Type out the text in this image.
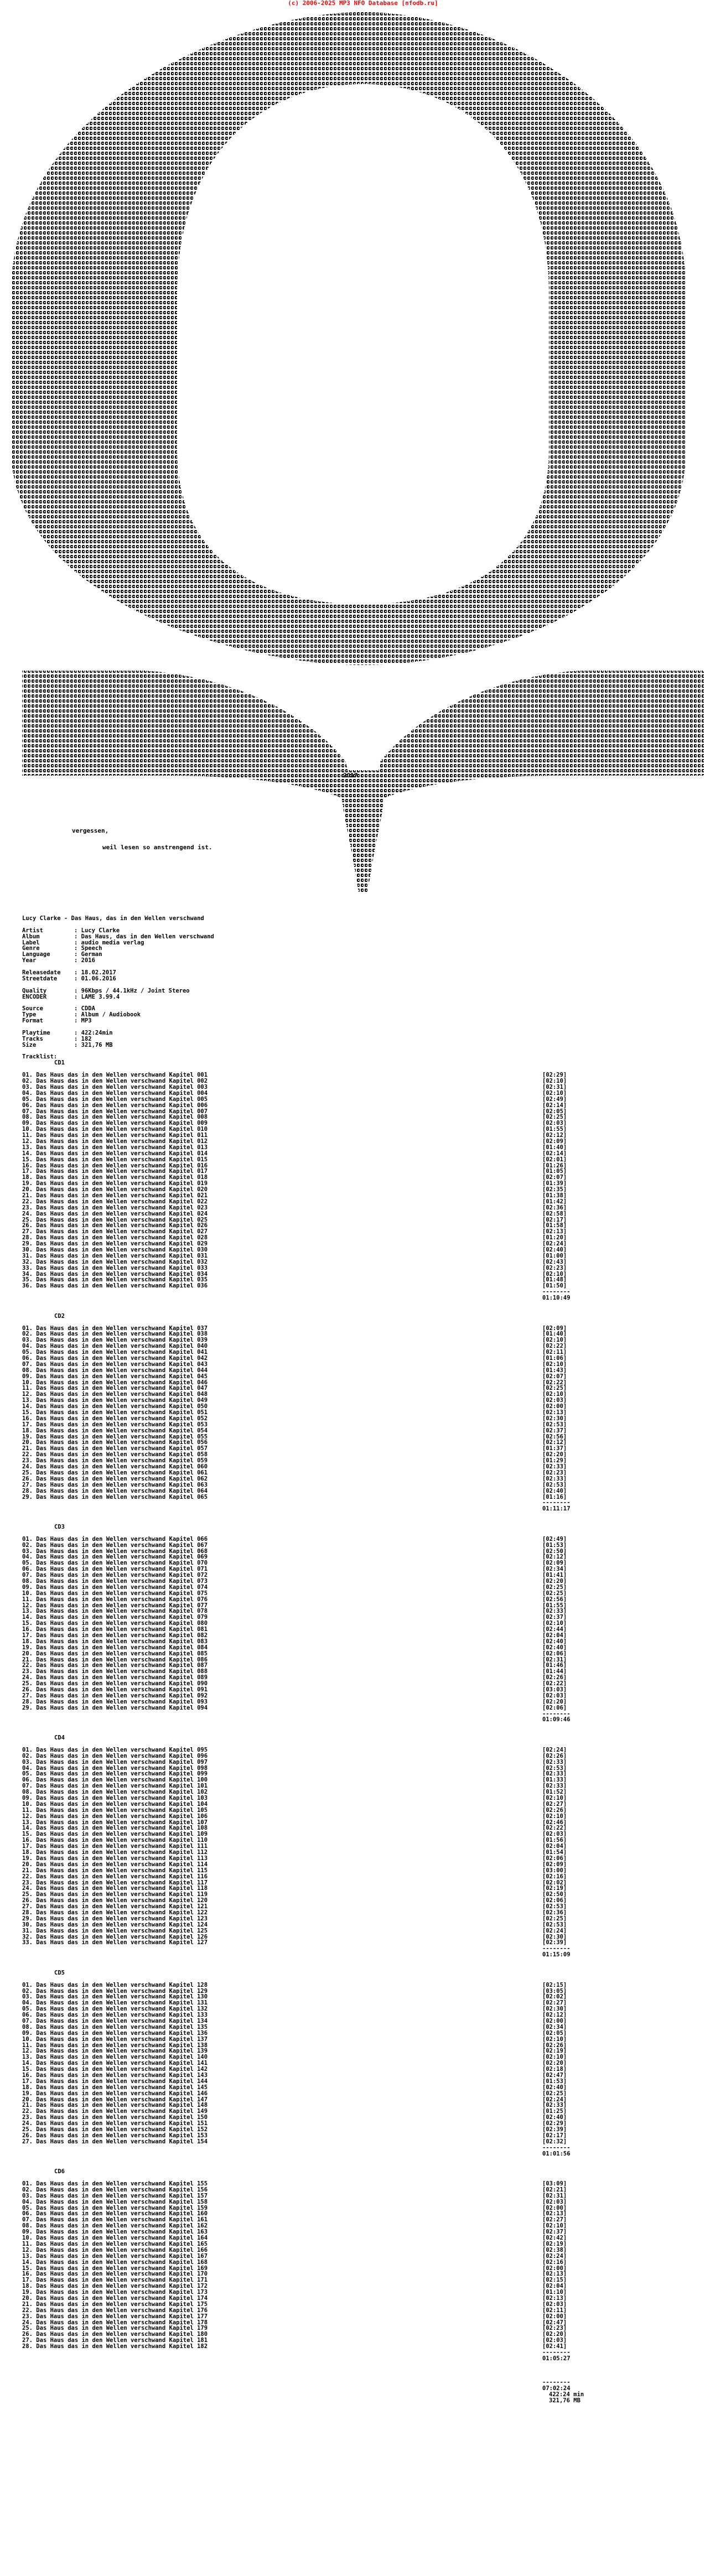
(c) 2006-2025 MP3 NFO Database [nfodb.ru]
2017
vergessen,
weil lesen so anstrengend ist.
Lucy Clarke - Das Haus, das in den Wellen verschwand
Artist	: Lucy Clarke
Album	: Das Haus, das in den Wellen verschwand
Label	: audio media verlag
Genre	: Speech
Language	: German
Year	: 2016
Releasedate : 18.02.2017
Streetdate	: 01.06.2016
Quality	: 96Kbps / 44.1kHz / Joint Stereo
ENCODER	: LAME 3.99.4
Source	: CDDA
Type	: Album / Audiobook
Format	: MP3
Playtime	: 422:24min
Tracks	: 182
Size	: 321,76 MB
Tracklist:
CD1
01. Das Haus das in den Wellen verschwand Kapitel 001	[02:29]
02. Das Haus das in den Wellen verschwand Kapitel 002	[02:10]
03. Das Haus das in den Wellen verschwand Kapitel 003	[02:31]
04. Das Haus das in den Wellen verschwand Kapitel 004	[02:10]
05. Das Haus das in den Wellen verschwand Kapitel 005	[02:49]
06. Das Haus das in den Wellen verschwand Kapitel 006	[02:14]
07. Das Haus das in den Wellen verschwand Kapitel 007	[02:05]
08. Das Haus das in den Wellen verschwand Kapitel 008	[02:25]
09. Das Haus das in den Wellen verschwand Kapitel 009	[02:03]
10. Das Haus das in den Wellen verschwand Kapitel 010	[01:55]
11. Das Haus das in den Wellen verschwand Kapitel 011	[02:12]
12. Das Haus das in den Wellen verschwand Kapitel 012	[02:09]
13. Das Haus das in den Wellen verschwand Kapitel 013	[01:40]
14. Das Haus das in den Wellen verschwand Kapitel 014	[02:14]
15. Das Haus das in den Wellen verschwand Kapitel 015	[02:01]
16. Das Haus das in den Wellen verschwand Kapitel 016	[01:26]
17. Das Haus das in den Wellen verschwand Kapitel 017	[01:05]
18. Das Haus das in den Wellen verschwand Kapitel 018	[02:07]
19. Das Haus das in den Wellen verschwand Kapitel 019	[01:39]
20. Das Haus das in den Wellen verschwand Kapitel 020	[02:35]
21. Das Haus das in den Wellen verschwand Kapitel 021	[01:38]
22. Das Haus das in den Wellen verschwand Kapitel 022	[01:42]
23. Das Haus das in den Wellen verschwand Kapitel 023	[02:36]
24. Das Haus das in den Wellen verschwand Kapitel 024	[02:58]
25. Das Haus das in den Wellen verschwand Kapitel 025	[02:17]
26. Das Haus das in den Wellen verschwand Kapitel 026	[01:58]
27. Das Haus das in den Wellen verschwand Kapitel 027	[02:13]
28. Das Haus das in den Wellen verschwand Kapitel 028	[01:20]
29. Das Haus das in den Wellen verschwand Kapitel 029	[02:24]
30. Das Haus das in den Wellen verschwand Kapitel 030	[02:40]
31. Das Haus das in den Wellen verschwand Kapitel 031	[01:00]
32. Das Haus das in den Wellen verschwand Kapitel 032	[02:43]
33. Das Haus das in den Wellen verschwand Kapitel 033	[02:23]
34. Das Haus das in den Wellen verschwand Kapitel 034	[02:10]
35. Das Haus das in den Wellen verschwand Kapitel 035	[01:48]
36. Das Haus das in den Wellen verschwand Kapitel 036	[01:50]
--------
01:10:49
CD2
01. Das Haus das in den Wellen verschwand Kapitel 037	[02:09]
02. Das Haus das in den Wellen verschwand Kapitel 038	[01:40]
03. Das Haus das in den Wellen verschwand Kapitel 039	[02:10]
04. Das Haus das in den Wellen verschwand Kapitel 040	[02:22]
05. Das Haus das in den Wellen verschwand Kapitel 041	[02:11]
06. Das Haus das in den Wellen verschwand Kapitel 042	[01:06]
07. Das Haus das in den Wellen verschwand Kapitel 043	[02:10]
08. Das Haus das in den Wellen verschwand Kapitel 044	[01:43]
09. Das Haus das in den Wellen verschwand Kapitel 045	[02:07]
10. Das Haus das in den Wellen verschwand Kapitel 046	[02:22]
11. Das Haus das in den Wellen verschwand Kapitel 047	[02:25]
12. Das Haus das in den Wellen verschwand Kapitel 048	[02:10]
13. Das Haus das in den Wellen verschwand Kapitel 049	[02:03]
14. Das Haus das in den Wellen verschwand Kapitel 050	[02:00]
15. Das Haus das in den Wellen verschwand Kapitel 051	[02:13]
16. Das Haus das in den Wellen verschwand Kapitel 052	[02:30]
17. Das Haus das in den Wellen verschwand Kapitel 053	[02:53]
18. Das Haus das in den Wellen verschwand Kapitel 054	[02:37]
19. Das Haus das in den Wellen verschwand Kapitel 055	[02:56]
20. Das Haus das in den Wellen verschwand Kapitel 056	[02:12]
21. Das Haus das in den Wellen verschwand Kapitel 057	[01:37]
22. Das Haus das in den Wellen verschwand Kapitel 058	[02:20]
23. Das Haus das in den Wellen verschwand Kapitel 059	[01:29]
24. Das Haus das in den Wellen verschwand Kapitel 060	[02:33]
25. Das Haus das in den Wellen verschwand Kapitel 061	[02:23]
26. Das Haus das in den Wellen verschwand Kapitel 062	[02:33]
27. Das Haus das in den Wellen verschwand Kapitel 063	[02:53]
28. Das Haus das in den Wellen verschwand Kapitel 064	[02:40]
29. Das Haus das in den Wellen verschwand Kapitel 065	[01:16]
--------
01:11:17
CD3
01. Das Haus das in den Wellen verschwand Kapitel 066	[02:49]
02. Das Haus das in den Wellen verschwand Kapitel 067	[01:53]
03. Das Haus das in den Wellen verschwand Kapitel 068	[02:50]
04. Das Haus das in den Wellen verschwand Kapitel 069	[02:12]
05. Das Haus das in den Wellen verschwand Kapitel 070	[02:09]
06. Das Haus das in den Wellen verschwand Kapitel 071	[02:34]
07. Das Haus das in den Wellen verschwand Kapitel 072	[01:41]
08. Das Haus das in den Wellen verschwand Kapitel 073	[02:20]
09. Das Haus das in den Wellen verschwand Kapitel 074	[02:25]
10. Das Haus das in den Wellen verschwand Kapitel 075	[02:25]
11. Das Haus das in den Wellen verschwand Kapitel 076	[02:56]
12. Das Haus das in den Wellen verschwand Kapitel 077	[01:55]
13. Das Haus das in den Wellen verschwand Kapitel 078	[02:33]
14. Das Haus das in den Wellen verschwand Kapitel 079	[02:37]
15. Das Haus das in den Wellen verschwand Kapitel 080	[02:10]
16. Das Haus das in den Wellen verschwand Kapitel 081	[02:44]
17. Das Haus das in den Wellen verschwand Kapitel 082	[02:04]
18. Das Haus das in den Wellen verschwand Kapitel 083	[02:40]
19. Das Haus das in den Wellen verschwand Kapitel 084	[02:40]
20. Das Haus das in den Wellen verschwand Kapitel 085	[02:06]
21. Das Haus das in den Wellen verschwand Kapitel 086	[02:31]
22. Das Haus das in den Wellen verschwand Kapitel 087	[01:46]
23. Das Haus das in den Wellen verschwand Kapitel 088	[01:44]
24. Das Haus das in den Wellen verschwand Kapitel 089	[02:26]
25. Das Haus das in den Wellen verschwand Kapitel 090	[02:22]
26. Das Haus das in den Wellen verschwand Kapitel 091	[03:03]
27. Das Haus das in den Wellen verschwand Kapitel 092	[02:03]
28. Das Haus das in den Wellen verschwand Kapitel 093	[02:20]
29. Das Haus das in den Wellen verschwand Kapitel 094	[02:06]
--------
01:09:46
CD4
01. Das Haus das in den Wellen verschwand Kapitel 095	[02:24]
02. Das Haus das in den Wellen verschwand Kapitel 096	[02:26]
03. Das Haus das in den Wellen verschwand Kapitel 097	[02:33]
04. Das Haus das in den Wellen verschwand Kapitel 098	[02:53]
05. Das Haus das in den Wellen verschwand Kapitel 099	[02:33]
06. Das Haus das in den Wellen verschwand Kapitel 100	[01:33]
07. Das Haus das in den Wellen verschwand Kapitel 101	[02:33]
08. Das Haus das in den Wellen verschwand Kapitel 102	[01:52]
09. Das Haus das in den Wellen verschwand Kapitel 103	[02:10]
10. Das Haus das in den Wellen verschwand Kapitel 104	[02:27]
11. Das Haus das in den Wellen verschwand Kapitel 105	[02:26]
12. Das Haus das in den Wellen verschwand Kapitel 106	[02:10]
13. Das Haus das in den Wellen verschwand Kapitel 107	[02:46]
14. Das Haus das in den Wellen verschwand Kapitel 108	[02:22]
15. Das Haus das in den Wellen verschwand Kapitel 109	[02:03]
16. Das Haus das in den Wellen verschwand Kapitel 110	[01:56]
17. Das Haus das in den Wellen verschwand Kapitel 111	[02:04]
18. Das Haus das in den Wellen verschwand Kapitel 112	[01:54]
19. Das Haus das in den Wellen verschwand Kapitel 113	[02:06]
20. Das Haus das in den Wellen verschwand Kapitel 114	[02:09]
21. Das Haus das in den Wellen verschwand Kapitel 115	[03:00]
22. Das Haus das in den Wellen verschwand Kapitel 116	[02:16]
23. Das Haus das in den Wellen verschwand Kapitel 117	[02:02]
24. Das Haus das in den Wellen verschwand Kapitel 118	[02:19]
25. Das Haus das in den Wellen verschwand Kapitel 119	[02:50]
26. Das Haus das in den Wellen verschwand Kapitel 120	[02:06]
27. Das Haus das in den Wellen verschwand Kapitel 121	[02:53]
28. Das Haus das in den Wellen verschwand Kapitel 122	[02:36]
29. Das Haus das in den Wellen verschwand Kapitel 123	[02:25]
30. Das Haus das in den Wellen verschwand Kapitel 124	[02:53]
31. Das Haus das in den Wellen verschwand Kapitel 125	[02:24]
32. Das Haus das in den Wellen verschwand Kapitel 126	[02:30]
33. Das Haus das in den Wellen verschwand Kapitel 127	[02:39]
--------
01:15:09
CD5
01. Das Haus das in den Wellen verschwand Kapitel 128	[02:15]
02. Das Haus das in den Wellen verschwand Kapitel 129	[03:05]
03. Das Haus das in den Wellen verschwand Kapitel 130	[02:02]
04. Das Haus das in den Wellen verschwand Kapitel 131	[02:27]
05. Das Haus das in den Wellen verschwand Kapitel 132	[02:30]
06. Das Haus das in den Wellen verschwand Kapitel 133	[02:12]
07. Das Haus das in den Wellen verschwand Kapitel 134	[02:00]
08. Das Haus das in den Wellen verschwand Kapitel 135	[02:34]
09. Das Haus das in den Wellen verschwand Kapitel 136	[02:05]
10. Das Haus das in den Wellen verschwand Kapitel 137	[02:10]
11. Das Haus das in den Wellen verschwand Kapitel 138	[02:26]
12. Das Haus das in den Wellen verschwand Kapitel 139	[02:19]
13. Das Haus das in den Wellen verschwand Kapitel 140	[02:10]
14. Das Haus das in den Wellen verschwand Kapitel 141	[02:20]
15. Das Haus das in den Wellen verschwand Kapitel 142	[02:18]
16. Das Haus das in den Wellen verschwand Kapitel 143	[02:47]
17. Das Haus das in den Wellen verschwand Kapitel 144	[01:53]
18. Das Haus das in den Wellen verschwand Kapitel 145	[02:40]
19. Das Haus das in den Wellen verschwand Kapitel 146	[02:25]
20. Das Haus das in den Wellen verschwand Kapitel 147	[02:24]
21. Das Haus das in den Wellen verschwand Kapitel 148	[02:33]
22. Das Haus das in den Wellen verschwand Kapitel 149	[01:25]
23. Das Haus das in den Wellen verschwand Kapitel 150	[02:40]
24. Das Haus das in den Wellen verschwand Kapitel 151	[02:29]
25. Das Haus das in den Wellen verschwand Kapitel 152	[02:39]
26. Das Haus das in den Wellen verschwand Kapitel 153	[02:17]
27. Das Haus das in den Wellen verschwand Kapitel 154	[02:32]
--------
01:01:56
CD6
01. Das Haus das in den Wellen verschwand Kapitel 155	[03:09]
02. Das Haus das in den Wellen verschwand Kapitel 156	[02:21]
03. Das Haus das in den Wellen verschwand Kapitel 157	[02:31]
04. Das Haus das in den Wellen verschwand Kapitel 158	[02:03]
05. Das Haus das in den Wellen verschwand Kapitel 159	[02:00]
06. Das Haus das in den Wellen verschwand Kapitel 160	[02:13]
07. Das Haus das in den Wellen verschwand Kapitel 161	[02:27]
08. Das Haus das in den Wellen verschwand Kapitel 162	[02:10]
09. Das Haus das in den Wellen verschwand Kapitel 163	[02:37]
10. Das Haus das in den Wellen verschwand Kapitel 164	[02:42]
11. Das Haus das in den Wellen verschwand Kapitel 165	[02:19]
12. Das Haus das in den Wellen verschwand Kapitel 166	[02:38]
13. Das Haus das in den Wellen verschwand Kapitel 167	[02:24]
14. Das Haus das in den Wellen verschwand Kapitel 168	[02:16]
15. Das Haus das in den Wellen verschwand Kapitel 169	[02:00]
16. Das Haus das in den Wellen verschwand Kapitel 170	[02:13]
17. Das Haus das in den Wellen verschwand Kapitel 171	[02:15]
18. Das Haus das in den Wellen verschwand Kapitel 172	[02:04]
19. Das Haus das in den Wellen verschwand Kapitel 173	[01:10]
20. Das Haus das in den Wellen verschwand Kapitel 174	[02:13]
21. Das Haus das in den Wellen verschwand Kapitel 175	[02:03]
22. Das Haus das in den Wellen verschwand Kapitel 176	[02:11]
23. Das Haus das in den Wellen verschwand Kapitel 177	[02:00]
24. Das Haus das in den Wellen verschwand Kapitel 178	[02:47]
25. Das Haus das in den Wellen verschwand Kapitel 179	[02:23]
26. Das Haus das in den Wellen verschwand Kapitel 180	[02:20]
27. Das Haus das in den Wellen verschwand Kapitel 181	[02:03]
28. Das Haus das in den Wellen verschwand Kapitel 182	[02:41]
--------
01:05:27
--------
07:02:24
422:24 min
321,76 MB
